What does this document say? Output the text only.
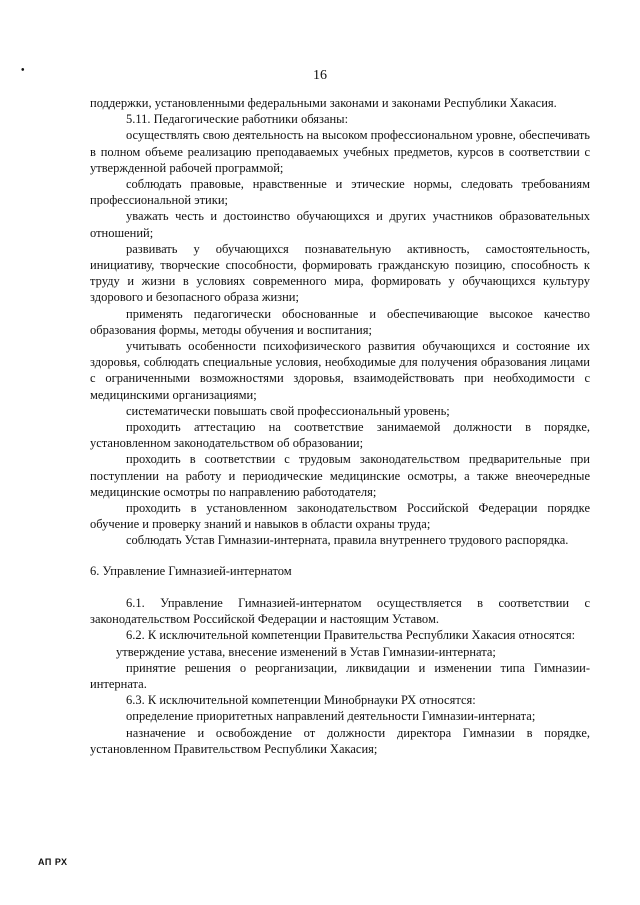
•	16

поддержки, установленными федеральными законами и законами Республики Хакасия.

5.11. Педагогические работники обязаны:

осуществлять свою деятельность на высоком профессиональном уровне, обеспечивать в полном объеме реализацию преподаваемых учебных предметов, курсов в соответствии с утвержденной рабочей программой;

соблюдать правовые, нравственные и этические нормы, следовать требованиям профессиональной этики;

уважать честь и достоинство обучающихся и других участников образовательных отношений;

развивать у обучающихся познавательную активность, самостоятельность, инициативу, творческие способности, формировать гражданскую позицию, способность к труду и жизни в условиях современного мира, формировать у обучающихся культуру здорового и безопасного образа жизни;

применять педагогически обоснованные и обеспечивающие высокое качество образования формы, методы обучения и воспитания;

учитывать особенности психофизического развития обучающихся и состояние их здоровья, соблюдать специальные условия, необходимые для получения образования лицами с ограниченными возможностями здоровья, взаимодействовать при необходимости с медицинскими организациями;

систематически повышать свой профессиональный уровень;

проходить аттестацию на соответствие занимаемой должности в порядке, установленном законодательством об образовании;

проходить в соответствии с трудовым законодательством предварительные при поступлении на работу и периодические медицинские осмотры, а также внеочередные медицинские осмотры по направлению работодателя;

проходить в установленном законодательством Российской Федерации порядке обучение и проверку знаний и навыков в области охраны труда;

соблюдать Устав Гимназии-интерната, правила внутреннего трудового распорядка.

6. Управление Гимназией-интернатом

6.1. Управление Гимназией-интернатом осуществляется в соответствии с законодательством Российской Федерации и настоящим Уставом.

6.2. К исключительной компетенции Правительства Республики Хакасия относятся:

утверждение устава, внесение изменений в Устав Гимназии-интерната;

принятие решения о реорганизации, ликвидации и изменении типа Гимназии-интерната.

6.3. К исключительной компетенции Минобрнауки РХ относятся:

определение приоритетных направлений деятельности Гимназии-интерната;

назначение и освобождение от должности директора Гимназии в порядке, установленном Правительством Республики Хакасия;

АП РХ
